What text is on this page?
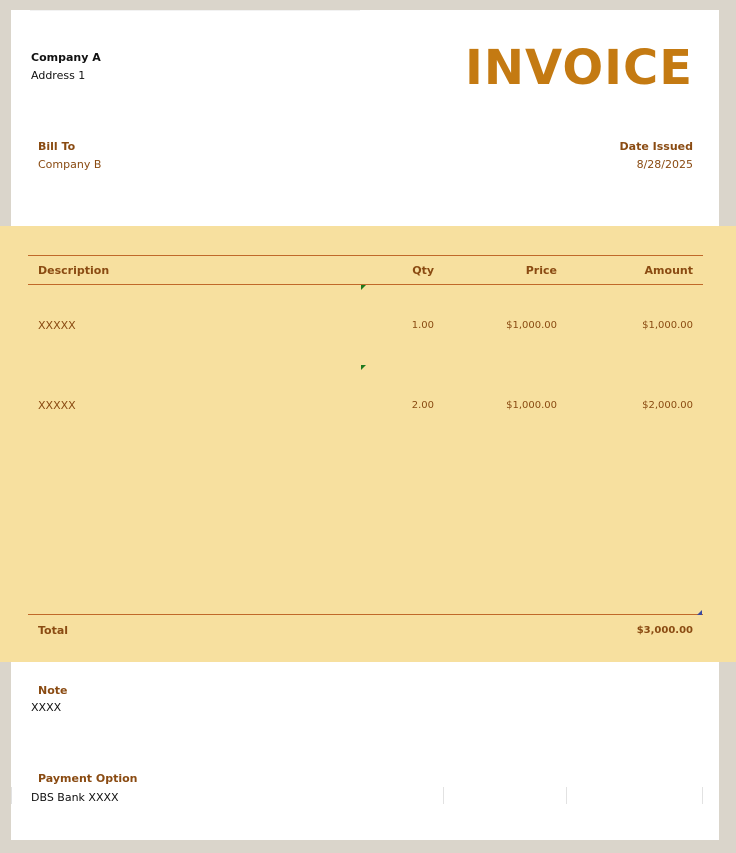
Company A
Address 1	INVOICE
Bill To
Company B
Date Issued
8/28/2025
Description	Qty	Price	Amount
XXXXX	1.00	$1,000.00	$1,000.00
XXXXX	2.00	$1,000.00	$2,000.00
Total	$3,000.00
Note
XXXX
Payment Option
DBS Bank XXXX
